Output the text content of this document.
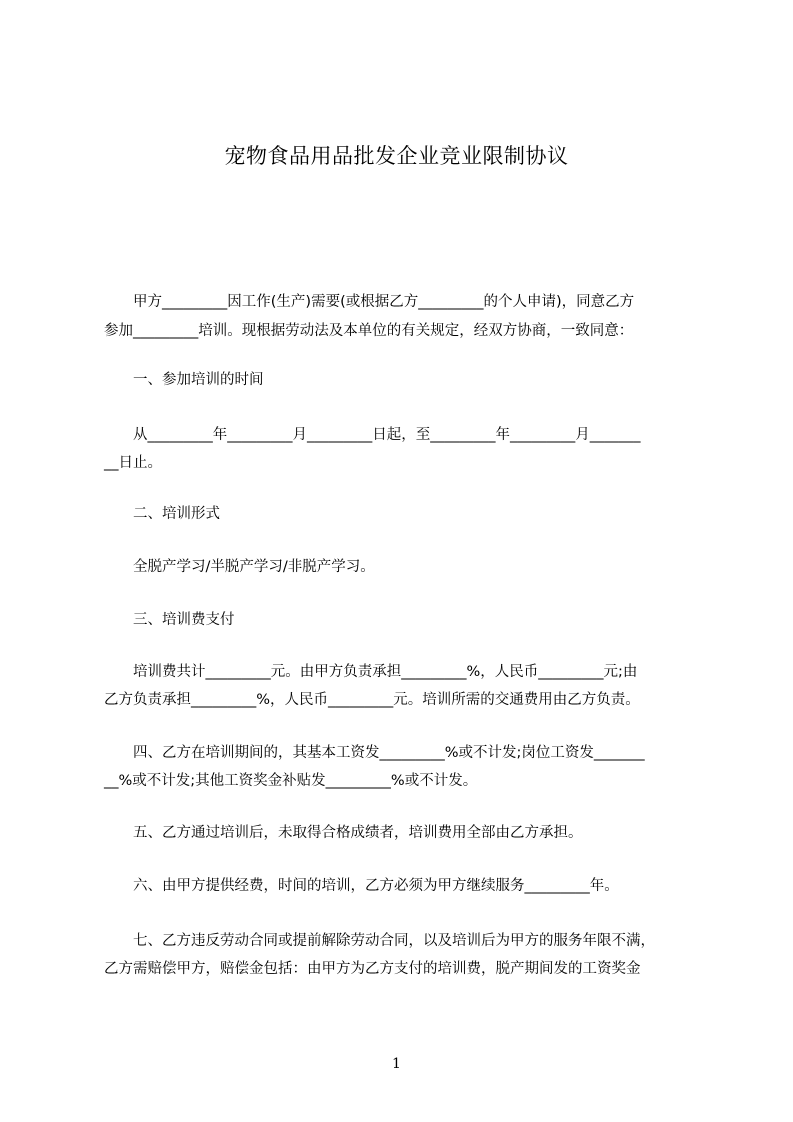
宠物食品用品批发企业竞业限制协议
　　甲方_________因工作(生产)需要(或根据乙方_________的个人申请)，同意乙方
参加_________培训。现根据劳动法及本单位的有关规定，经双方协商，一致同意：
　　一、参加培训的时间
　　从_________年_________月_________日起，至_________年_________月_______
__日止。
　　二、培训形式
　　全脱产学习/半脱产学习/非脱产学习。
　　三、培训费支付
　　培训费共计_________元。由甲方负责承担_________%，人民币_________元;由
乙方负责承担_________%，人民币_________元。培训所需的交通费用由乙方负责。
　　四、乙方在培训期间的，其基本工资发_________%或不计发;岗位工资发_______
__%或不计发;其他工资奖金补贴发_________%或不计发。
　　五、乙方通过培训后，未取得合格成绩者，培训费用全部由乙方承担。
　　六、由甲方提供经费，时间的培训，乙方必须为甲方继续服务_________年。
　　七、乙方违反劳动合同或提前解除劳动合同，以及培训后为甲方的服务年限不满，
乙方需赔偿甲方，赔偿金包括：由甲方为乙方支付的培训费，脱产期间发的工资奖金
1
